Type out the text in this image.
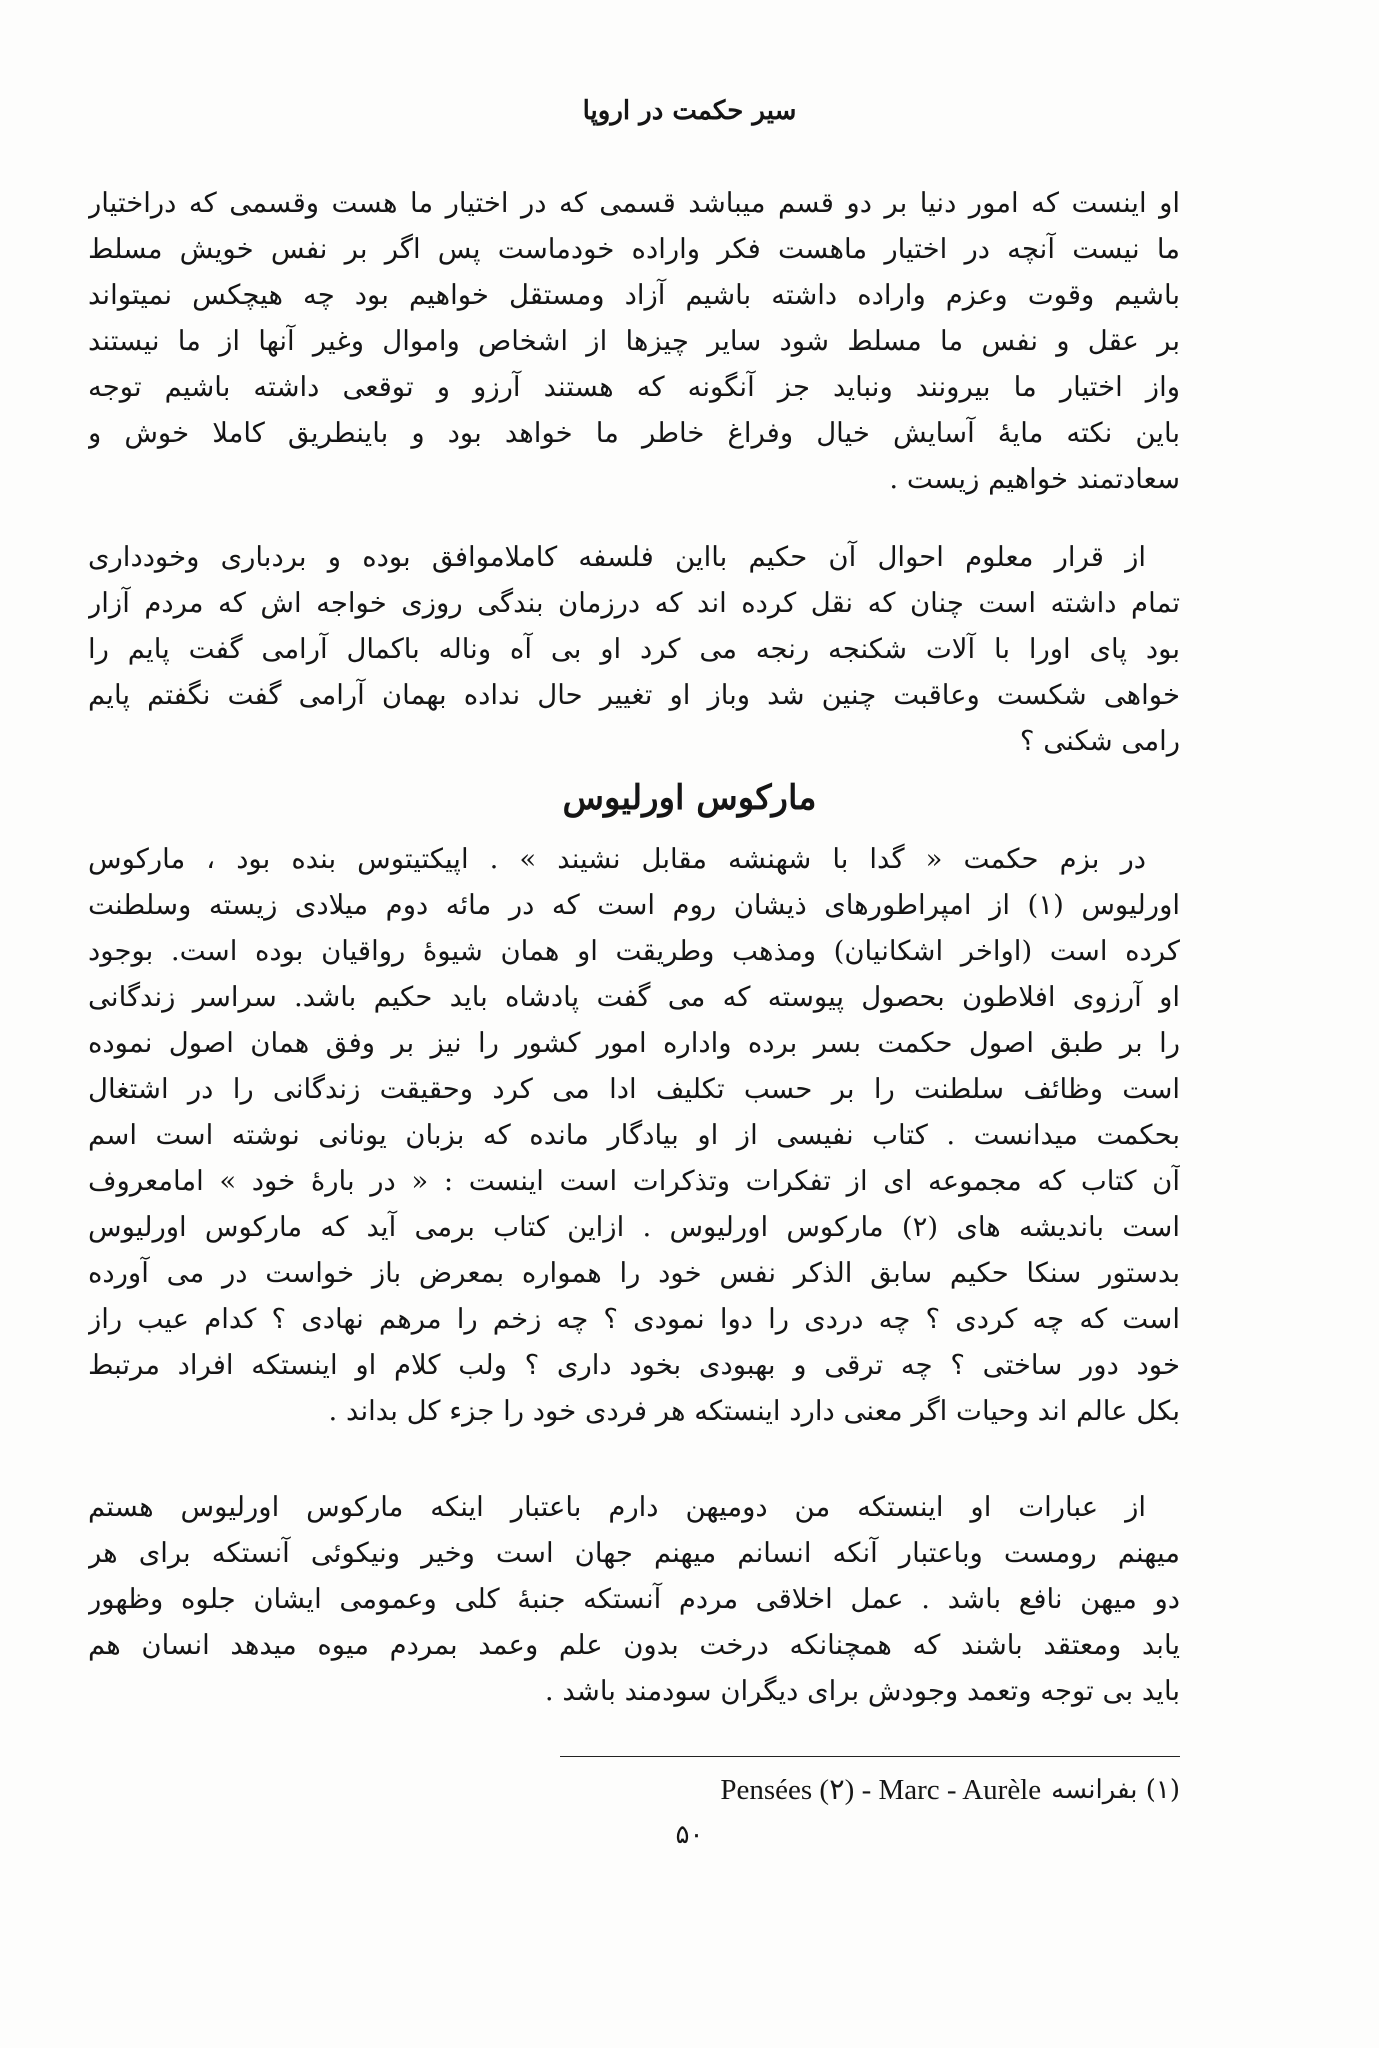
سیر حکمت در اروپا
او اینست که امور دنیا بر دو قسم میباشد قسمی که در اختیار ما هست وقسمی که دراختیار
ما نیست آنچه در اختیار ماهست فکر واراده خودماست پس اگر بر نفس خویش مسلط
باشیم وقوت وعزم واراده داشته باشیم آزاد ومستقل خواهیم بود چه هیچکس نمیتواند
بر عقل و نفس ما مسلط شود سایر چیزها از اشخاص واموال وغیر آنها از ما نیستند
واز اختیار ما بیرونند ونباید جز آنگونه که هستند آرزو و توقعی داشته باشیم توجه
باین نکته مایهٔ آسایش خیال وفراغ خاطر ما خواهد بود و باینطریق کاملا خوش و
سعادتمند خواهیم زیست .
از قرار معلوم احوال آن حکیم بااین فلسفه کاملاموافق بوده و بردباری وخودداری
تمام داشته است چنان که نقل کرده اند که درزمان بندگی روزی خواجه اش که مردم آزار
بود پای اورا با آلات شکنجه رنجه می کرد او بی آه وناله باکمال آرامی گفت پایم را
خواهی شکست وعاقبت چنین شد وباز او تغییر حال نداده بهمان آرامی گفت نگفتم پایم
رامی شکنی ؟
مارکوس اورلیوس
در بزم حکمت « گدا با شهنشه مقابل نشیند » . اپیکتیتوس بنده بود ، مارکوس
اورلیوس (۱) از امپراطورهای ذیشان روم است که در مائه دوم میلادی زیسته وسلطنت
کرده است (اواخر اشکانیان) ومذهب وطریقت او همان شیوهٔ رواقیان بوده است. بوجود
او آرزوی افلاطون بحصول پیوسته که می گفت پادشاه باید حکیم باشد. سراسر زندگانی
را بر طبق اصول حکمت بسر برده واداره امور کشور را نیز بر وفق همان اصول نموده
است وظائف سلطنت را بر حسب تکلیف ادا می کرد وحقیقت زندگانی را در اشتغال
بحکمت میدانست . کتاب نفیسی از او بیادگار مانده که بزبان یونانی نوشته است اسم
آن کتاب که مجموعه ای از تفکرات وتذکرات است اینست : « در بارهٔ خود » امامعروف
است باندیشه های (۲) مارکوس اورلیوس . ازاین کتاب برمی آید که مارکوس اورلیوس
بدستور سنکا حکیم سابق الذکر نفس خود را همواره بمعرض باز خواست در می آورده
است که چه کردی ؟ چه دردی را دوا نمودی ؟ چه زخم را مرهم نهادی ؟ کدام عیب راز
خود دور ساختی ؟ چه ترقی و بهبودی بخود داری ؟ ولب کلام او اینستکه افراد مرتبط
بکل عالم اند وحیات اگر معنی دارد اینستکه هر فردی خود را جزء کل بداند .
از عبارات او اینستکه من دومیهن دارم باعتبار اینکه مارکوس اورلیوس هستم
میهنم رومست وباعتبار آنکه انسانم میهنم جهان است وخیر ونیکوئی آنستکه برای هر
دو میهن نافع باشد . عمل اخلاقی مردم آنستکه جنبهٔ کلی وعمومی ایشان جلوه وظهور
یابد ومعتقد باشند که همچنانکه درخت بدون علم وعمد بمردم میوه میدهد انسان هم
باید بی توجه وتعمد وجودش برای دیگران سودمند باشد .
Pensées (۲) - Marc - Aurèle (۱) بفرانسه
۵۰
